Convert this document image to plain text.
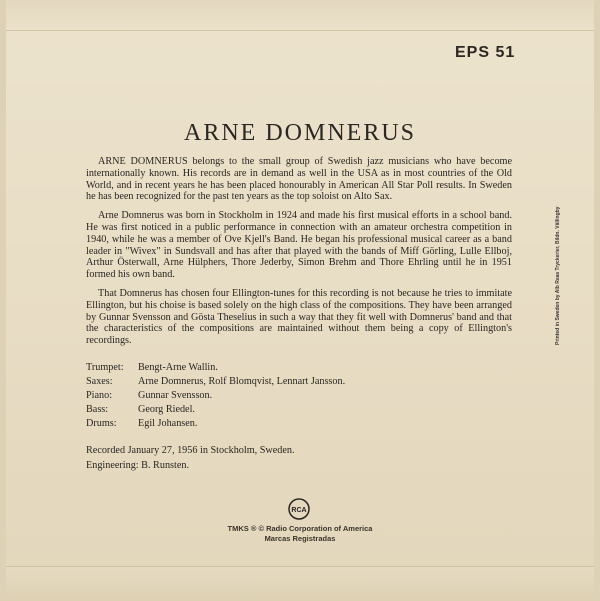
EPS 51
ARNE DOMNERUS

ARNE DOMNERUS belongs to the small group of Swedish jazz musicians who have become internationally known. His records are in demand as well in the USA as in most countries of the Old World, and in recent years he has been placed honourably in American All Star Poll results. In Sweden he has been recognized for the past ten years as the top soloist on Alto Sax.

Arne Domnerus was born in Stockholm in 1924 and made his first musical efforts in a school band. He was first noticed in a public performance in connection with an amateur orchestra competition in 1940, while he was a member of Ove Kjell's Band. He began his professional musical career as a band leader in "Wivex" in Sundsvall and has after that played with the bands of Miff Görling, Lulle Ellboj, Arthur Österwall, Arne Hülphers, Thore Jederby, Simon Brehm and Thore Ehrling until he in 1951 formed his own band.

That Domnerus has chosen four Ellington-tunes for this recording is not because he tries to immitate Ellington, but his choise is based solely on the high class of the compositions. They have been arranged by Gunnar Svensson and Gösta Theselius in such a way that they fit well with Domnerus' band and that the characteristics of the compositions are maintained without them being a copy of Ellington's recordings.

Trumpet:	Bengt-Arne Wallin.
Saxes:	Arne Domnerus, Rolf Blomqvist, Lennart Jansson.
Piano:	Gunnar Svensson.
Bass:	Georg Riedel.
Drums:	Egil Johansen.
Recorded January 27, 1956 in Stockholm, Sweden.
Engineering: B. Runsten.
RCA
TMKS ® © Radio Corporation of America
Marcas Registradas
Printed in Sweden by Alb Reas Tryckerier, Bildn. Vällingby
